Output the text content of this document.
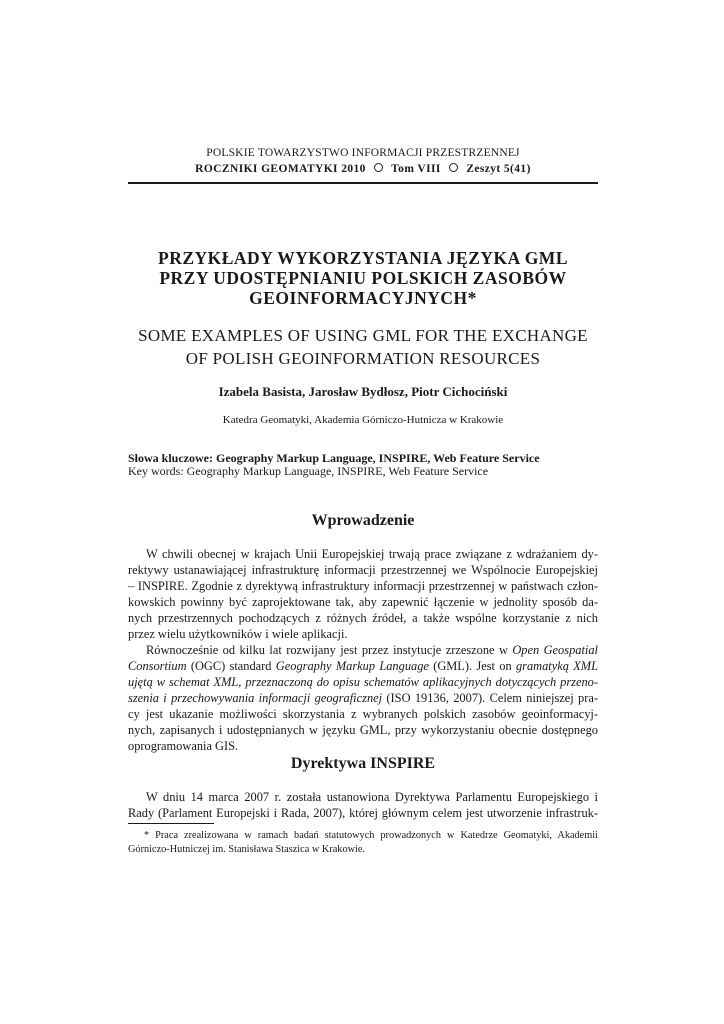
POLSKIE TOWARZYSTWO INFORMACJI PRZESTRZENNEJ
ROCZNIKI GEOMATYKI 2010 Tom VIII Zeszyt 5(41)
PRZYKŁADY WYKORZYSTANIA JĘZYKA GML
PRZY UDOSTĘPNIANIU POLSKICH ZASOBÓW
GEOINFORMACYJNYCH*
SOME EXAMPLES OF USING GML FOR THE EXCHANGE
OF POLISH GEOINFORMATION RESOURCES
Izabela Basista, Jarosław Bydłosz, Piotr Cichociński
Katedra Geomatyki, Akademia Górniczo-Hutnicza w Krakowie
Słowa kluczowe: Geography Markup Language, INSPIRE, Web Feature Service
Key words: Geography Markup Language, INSPIRE, Web Feature Service
Wprowadzenie
W chwili obecnej w krajach Unii Europejskiej trwają prace związane z wdrażaniem dy-
rektywy ustanawiającej infrastrukturę informacji przestrzennej we Wspólnocie Europejskiej
– INSPIRE. Zgodnie z dyrektywą infrastruktury informacji przestrzennej w państwach człon-
kowskich powinny być zaprojektowane tak, aby zapewnić łączenie w jednolity sposób da-
nych przestrzennych pochodzących z różnych źródeł, a także wspólne korzystanie z nich
przez wielu użytkowników i wiele aplikacji.
Równocześnie od kilku lat rozwijany jest przez instytucje zrzeszone w Open Geospatial
Consortium (OGC) standard Geography Markup Language (GML). Jest on gramatyką XML
ujętą w schemat XML, przeznaczoną do opisu schematów aplikacyjnych dotyczących przeno-
szenia i przechowywania informacji geograficznej (ISO 19136, 2007). Celem niniejszej pra-
cy jest ukazanie możliwości skorzystania z wybranych polskich zasobów geoinformacyj-
nych, zapisanych i udostępnianych w języku GML, przy wykorzystaniu obecnie dostępnego
oprogramowania GIS.
Dyrektywa INSPIRE
W dniu 14 marca 2007 r. została ustanowiona Dyrektywa Parlamentu Europejskiego i
Rady (Parlament Europejski i Rada, 2007), której głównym celem jest utworzenie infrastruk-
* Praca zrealizowana w ramach badań statutowych prowadzonych w Katedrze Geomatyki, Akademii
Górniczo-Hutniczej im. Stanisława Staszica w Krakowie.
